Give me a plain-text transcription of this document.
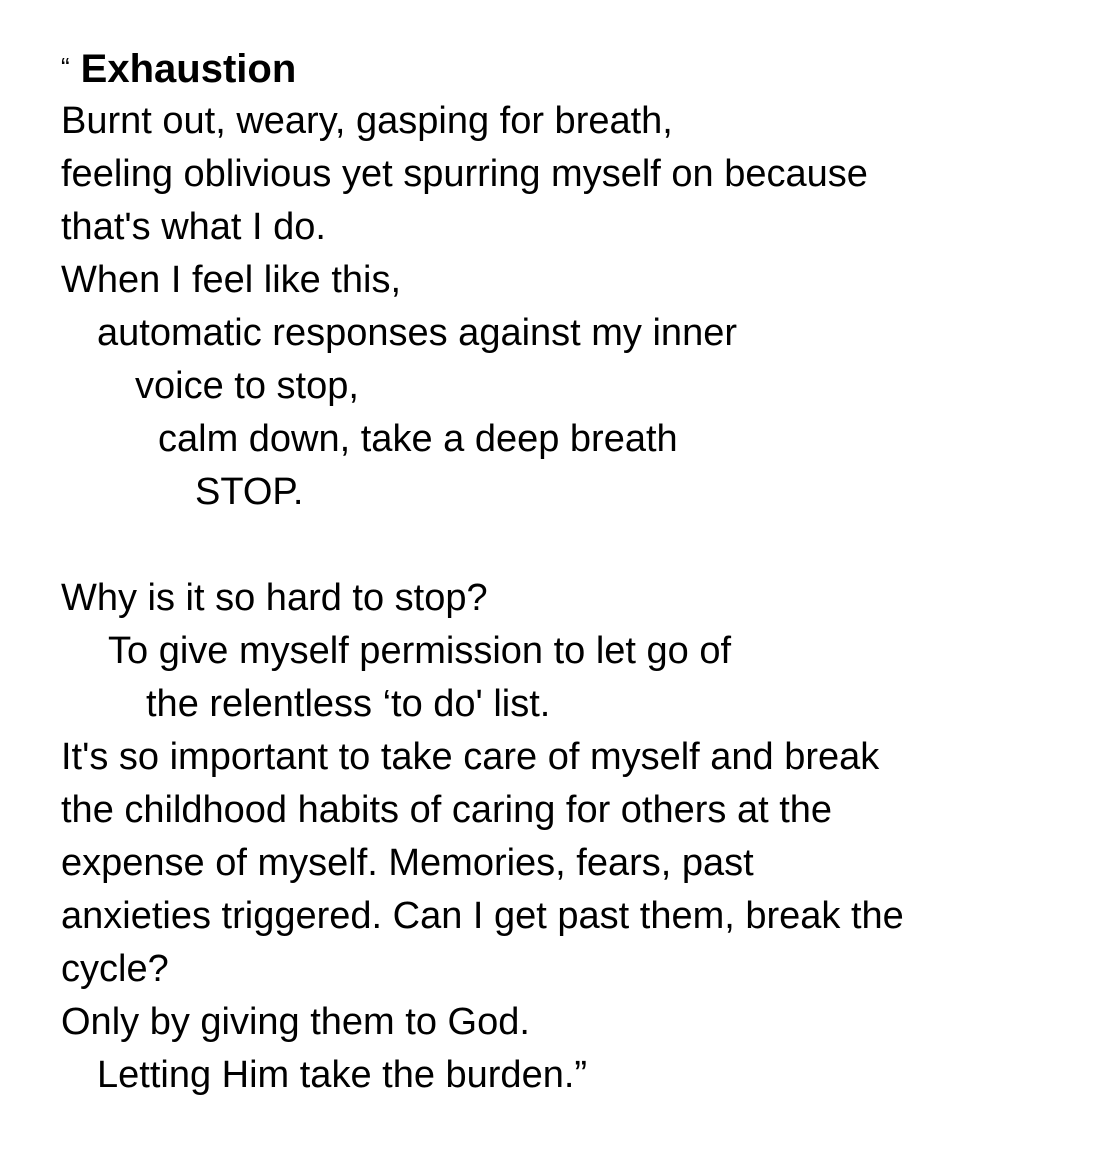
“ Exhaustion
Burnt out, weary, gasping for breath,
feeling oblivious yet spurring myself on because
that's what I do.
When I feel like this,
automatic responses against my inner
voice to stop,
calm down, take a deep breath
STOP.
Why is it so hard to stop?
To give myself permission to let go of
the relentless ‘to do' list.
It's so important to take care of myself and break
the childhood habits of caring for others at the
expense of myself. Memories, fears, past
anxieties triggered. Can I get past them, break the
cycle?
Only by giving them to God.
Letting Him take the burden.”
